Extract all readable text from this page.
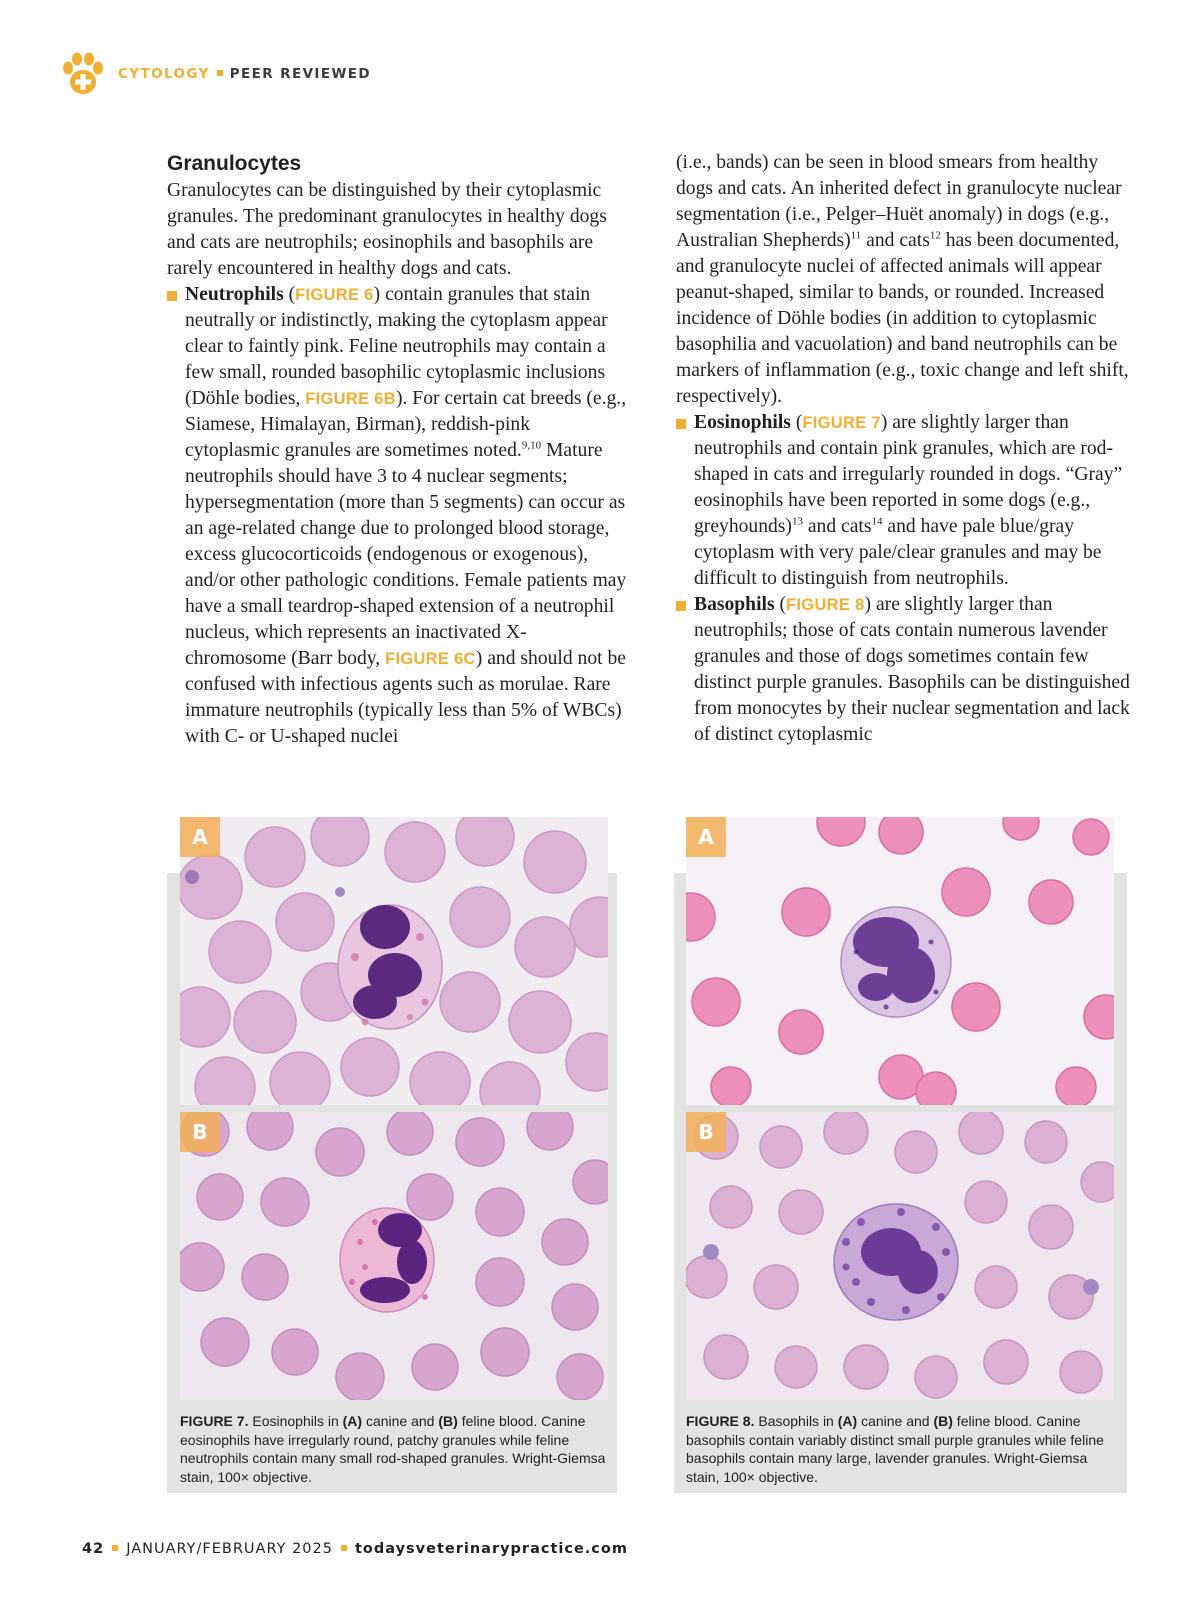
CYTOLOGY PEER REVIEWED
Granulocytes

Granulocytes can be distinguished by their cytoplasmic granules. The predominant granulocytes in healthy dogs and cats are neutrophils; eosinophils and basophils are rarely encountered in healthy dogs and cats.

Neutrophils (FIGURE 6) contain granules that stain neutrally or indistinctly, making the cytoplasm appear clear to faintly pink. Feline neutrophils may contain a few small, rounded basophilic cytoplasmic inclusions (Döhle bodies, FIGURE 6B). For certain cat breeds (e.g., Siamese, Himalayan, Birman), reddish-pink cytoplasmic granules are sometimes noted.$^{9,10}$ Mature neutrophils should have 3 to 4 nuclear segments; hypersegmentation (more than 5 segments) can occur as an age-related change due to prolonged blood storage, excess glucocorticoids (endogenous or exogenous), and/or other pathologic conditions. Female patients may have a small teardrop-shaped extension of a neutrophil nucleus, which represents an inactivated X-chromosome (Barr body, FIGURE 6C) and should not be confused with infectious agents such as morulae. Rare immature neutrophils (typically less than 5% of WBCs) with C- or U-shaped nuclei

(i.e., bands) can be seen in blood smears from healthy dogs and cats. An inherited defect in granulocyte nuclear segmentation (i.e., Pelger–Huët anomaly) in dogs (e.g., Australian Shepherds)$^{11}$ and cats$^{12}$ has been documented, and granulocyte nuclei of affected animals will appear peanut-shaped, similar to bands, or rounded. Increased incidence of Döhle bodies (in addition to cytoplasmic basophilia and vacuolation) and band neutrophils can be markers of inflammation (e.g., toxic change and left shift, respectively).

Eosinophils (FIGURE 7) are slightly larger than neutrophils and contain pink granules, which are rod-shaped in cats and irregularly rounded in dogs. “Gray” eosinophils have been reported in some dogs (e.g., greyhounds)$^{13}$ and cats$^{14}$ and have pale blue/gray cytoplasm with very pale/clear granules and may be difficult to distinguish from neutrophils.
Basophils (FIGURE 8) are slightly larger than neutrophils; those of cats contain numerous lavender granules and those of dogs sometimes contain few distinct purple granules. Basophils can be distinguished from monocytes by their nuclear segmentation and lack of distinct cytoplasmic
A
B
FIGURE 7. Eosinophils in (A) canine and (B) feline blood. Canine eosinophils have irregularly round, patchy granules while feline neutrophils contain many small rod-shaped granules. Wright-Giemsa stain, 100× objective.
A
B
FIGURE 8. Basophils in (A) canine and (B) feline blood. Canine basophils contain variably distinct small purple granules while feline basophils contain many large, lavender granules. Wright-Giemsa stain, 100× objective.
42 JANUARY/FEBRUARY 2025 todaysveterinarypractice.com
